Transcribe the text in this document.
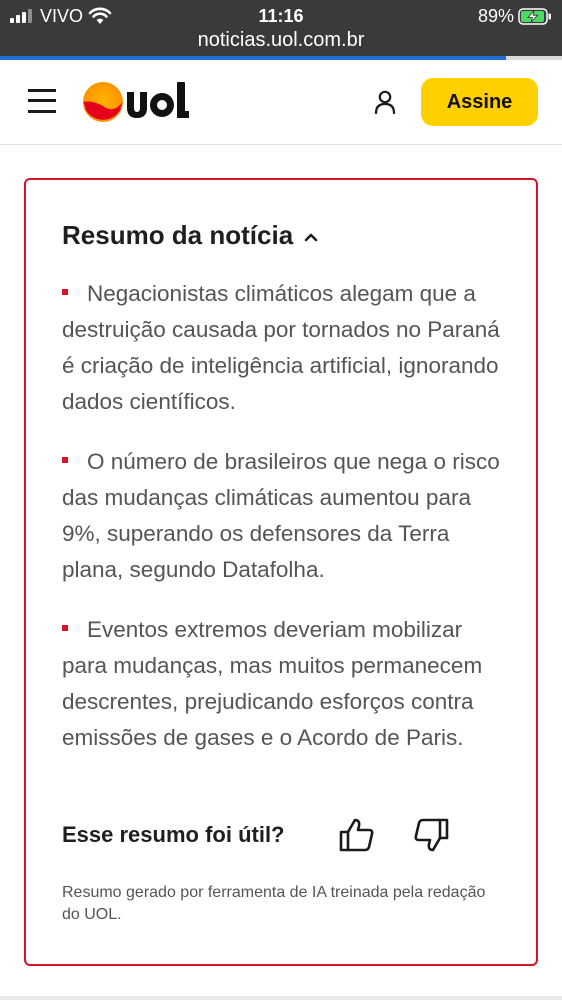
VIVO	11:16	89%
noticias.uol.com.br
Assine
Resumo da notícia
Negacionistas climáticos alegam que a destruição causada por tornados no Paraná é criação de inteligência artificial, ignorando dados científicos.
O número de brasileiros que nega o risco das mudanças climáticas aumentou para 9%, superando os defensores da Terra plana, segundo Datafolha.
Eventos extremos deveriam mobilizar para mudanças, mas muitos permanecem descrentes, prejudicando esforços contra emissões de gases e o Acordo de Paris.
Esse resumo foi útil?

Resumo gerado por ferramenta de IA treinada pela redação do UOL.
